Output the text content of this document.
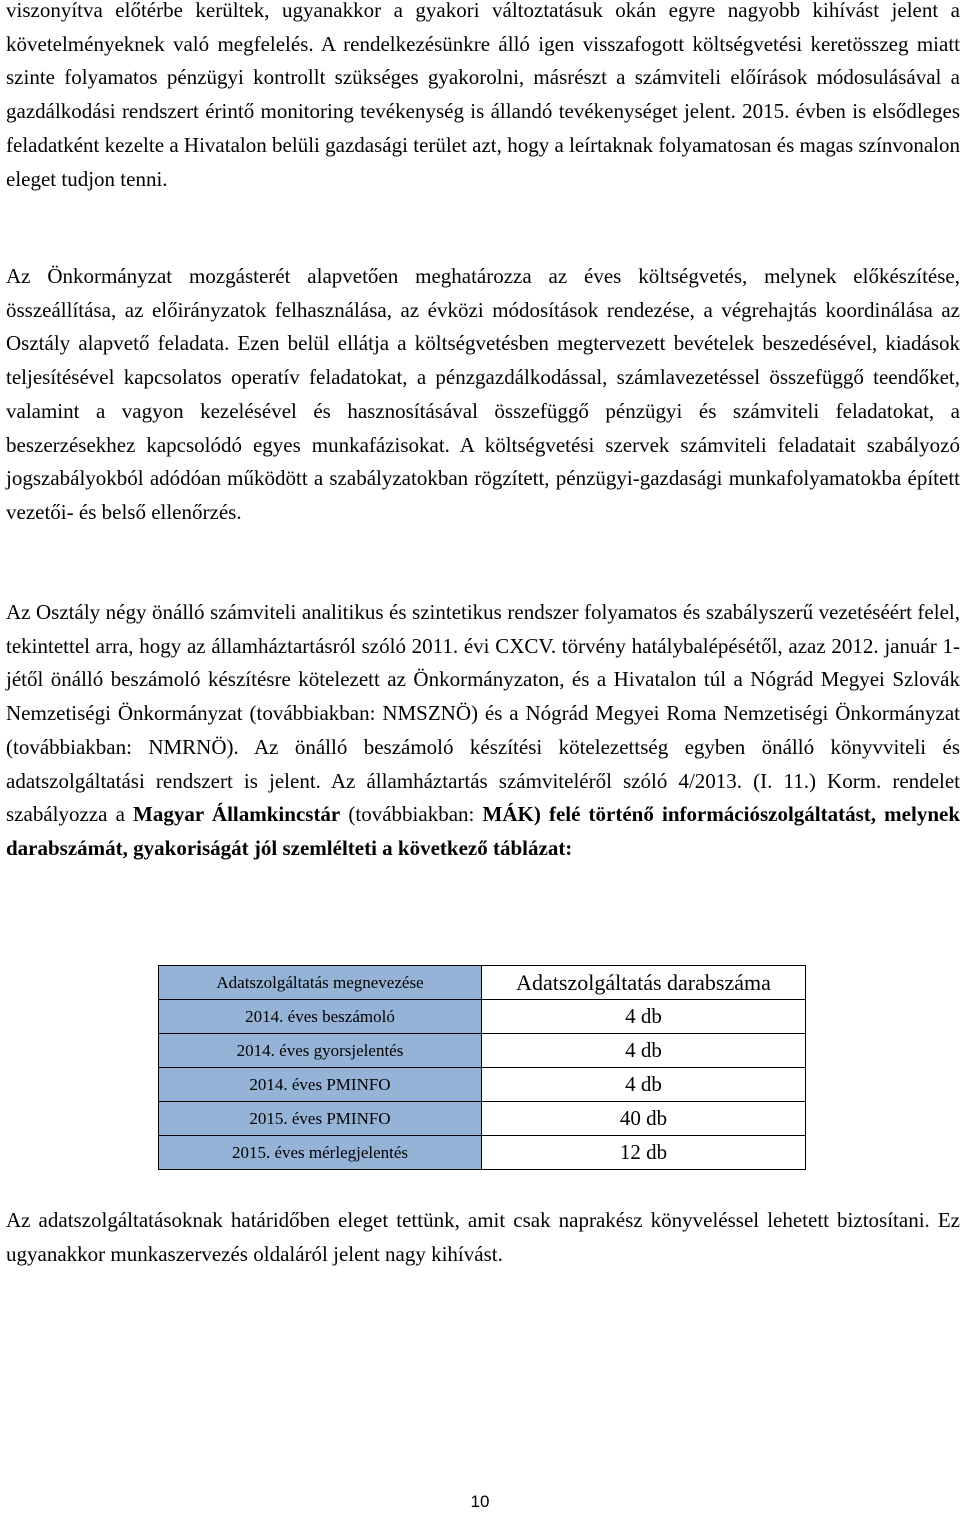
viszonyítva előtérbe kerültek, ugyanakkor a gyakori változtatásuk okán egyre nagyobb kihívást jelent a követelményeknek való megfelelés. A rendelkezésünkre álló igen visszafogott költségvetési keretösszeg miatt szinte folyamatos pénzügyi kontrollt szükséges gyakorolni, másrészt a számviteli előírások módosulásával a gazdálkodási rendszert érintő monitoring tevékenység is állandó tevékenységet jelent. 2015. évben is elsődleges feladatként kezelte a Hivatalon belüli gazdasági terület azt, hogy a leírtaknak folyamatosan és magas színvonalon eleget tudjon tenni.

Az Önkormányzat mozgásterét alapvetően meghatározza az éves költségvetés, melynek előkészítése, összeállítása, az előirányzatok felhasználása, az évközi módosítások rendezése, a végrehajtás koordinálása az Osztály alapvető feladata. Ezen belül ellátja a költségvetésben megtervezett bevételek beszedésével, kiadások teljesítésével kapcsolatos operatív feladatokat, a pénzgazdálkodással, számlavezetéssel összefüggő teendőket, valamint a vagyon kezelésével és hasznosításával összefüggő pénzügyi és számviteli feladatokat, a beszerzésekhez kapcsolódó egyes munkafázisokat. A költségvetési szervek számviteli feladatait szabályozó jogszabályokból adódóan működött a szabályzatokban rögzített, pénzügyi-gazdasági munkafolyamatokba épített vezetői- és belső ellenőrzés.

Az Osztály négy önálló számviteli analitikus és szintetikus rendszer folyamatos és szabályszerű vezetéséért felel, tekintettel arra, hogy az államháztartásról szóló 2011. évi CXCV. törvény hatálybalépésétől, azaz 2012. január 1-jétől önálló beszámoló készítésre kötelezett az Önkormányzaton, és a Hivatalon túl a Nógrád Megyei Szlovák Nemzetiségi Önkormányzat (továbbiakban: NMSZNÖ) és a Nógrád Megyei Roma Nemzetiségi Önkormányzat (továbbiakban: NMRNÖ). Az önálló beszámoló készítési kötelezettség egyben önálló könyvviteli és adatszolgáltatási rendszert is jelent. Az államháztartás számviteléről szóló 4/2013. (I. 11.) Korm. rendelet szabályozza a Magyar Államkincstár (továbbiakban: MÁK) felé történő információszolgáltatást, melynek darabszámát, gyakoriságát jól szemlélteti a következő táblázat:

Az adatszolgáltatásoknak határidőben eleget tettünk, amit csak naprakész könyveléssel lehetett biztosítani. Ez ugyanakkor munkaszervezés oldaláról jelent nagy kihívást.

Adatszolgáltatás megnevezése	Adatszolgáltatás darabszáma
2014. éves beszámoló	4 db
2014. éves gyorsjelentés	4 db
2014. éves PMINFO	4 db
2015. éves PMINFO	40 db
2015. éves mérlegjelentés	12 db
10
